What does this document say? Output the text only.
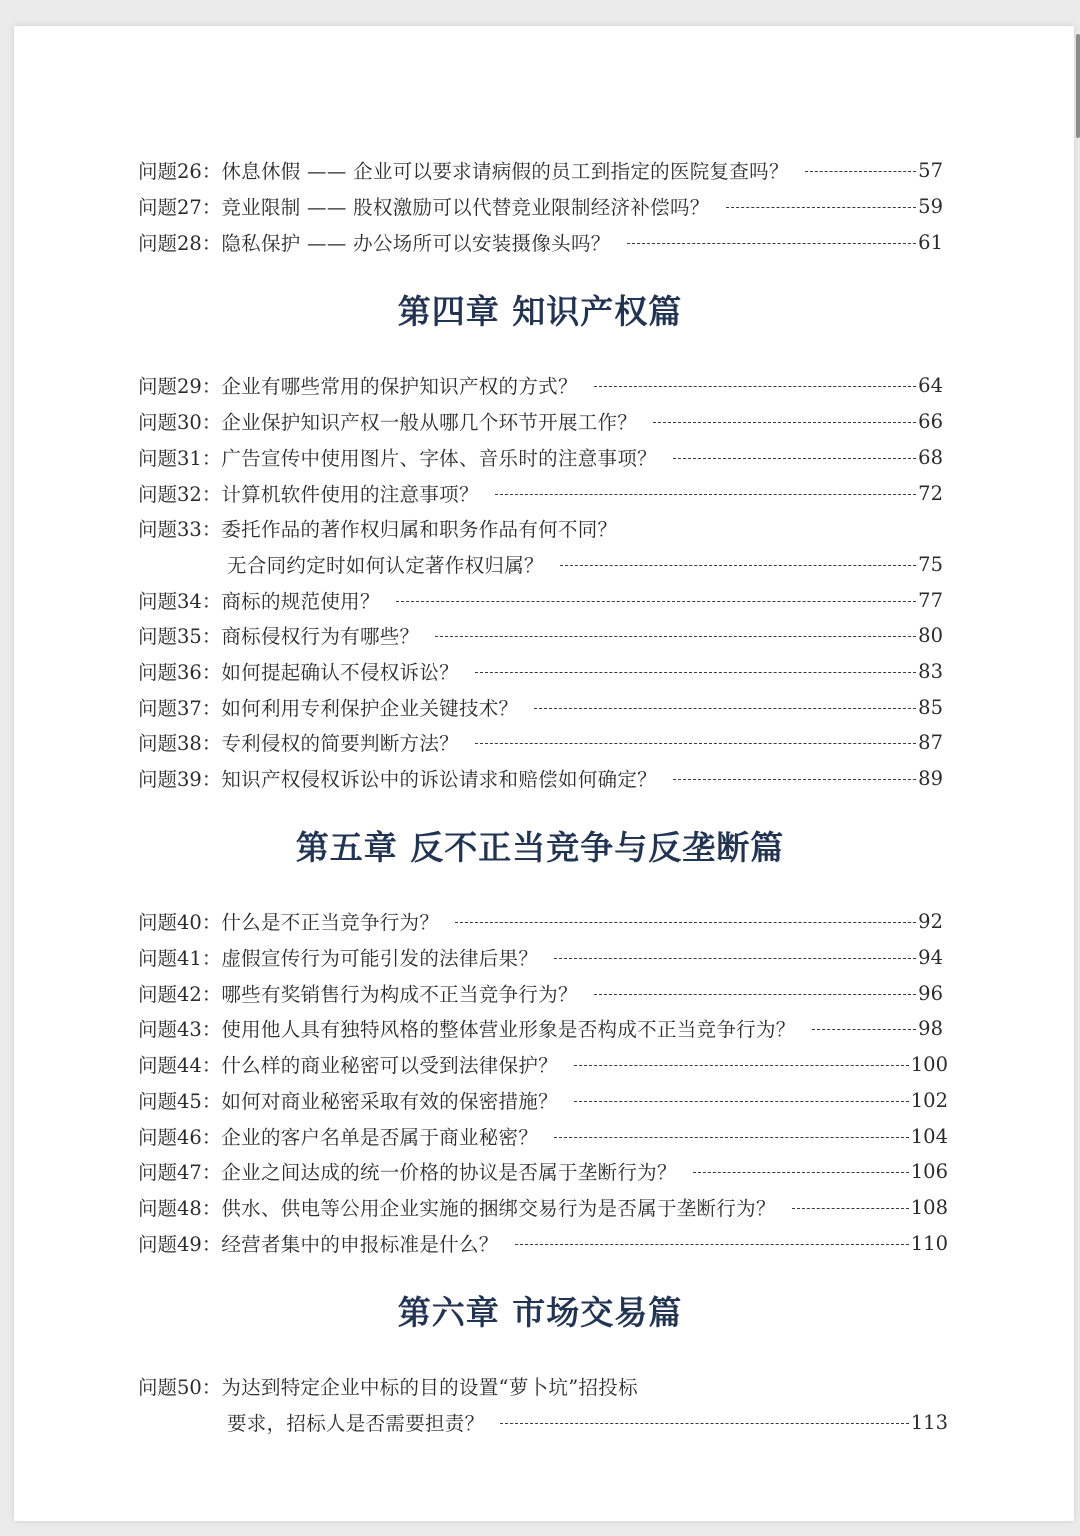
问题26 ： 休息休假 —— 企业可以要求请病假的员工到指定的医院复查吗？	57
问题27 ： 竞业限制 —— 股权激励可以代替竞业限制经济补偿吗？	59
问题28 ： 隐私保护 —— 办公场所可以安装摄像头吗？	61
第四章 知识产权篇
问题29 ： 企业有哪些常用的保护知识产权的方式？	64
问题30 ： 企业保护知识产权一般从哪几个环节开展工作？	66
问题31 ： 广告宣传中使用图片、字体、音乐时的注意事项？	68
问题32 ： 计算机软件使用的注意事项？	72
问题33 ： 委托作品的著作权归属和职务作品有何不同？
无合同约定时如何认定著作权归属？	75
问题34 ： 商标的规范使用？	77
问题35 ： 商标侵权行为有哪些？	80
问题36 ： 如何提起确认不侵权诉讼？	83
问题37 ： 如何利用专利保护企业关键技术？	85
问题38 ： 专利侵权的简要判断方法？	87
问题39 ： 知识产权侵权诉讼中的诉讼请求和赔偿如何确定？	89
第五章 反不正当竞争与反垄断篇
问题40 ： 什么是不正当竞争行为？	92
问题41 ： 虚假宣传行为可能引发的法律后果？	94
问题42 ： 哪些有奖销售行为构成不正当竞争行为？	96
问题43 ： 使用他人具有独特风格的整体营业形象是否构成不正当竞争行为？	98
问题44 ： 什么样的商业秘密可以受到法律保护？	100
问题45 ： 如何对商业秘密采取有效的保密措施？	102
问题46 ： 企业的客户名单是否属于商业秘密？	104
问题47 ： 企业之间达成的统一价格的协议是否属于垄断行为？	106
问题48 ： 供水、供电等公用企业实施的捆绑交易行为是否属于垄断行为？	108
问题49 ： 经营者集中的申报标准是什么？	110
第六章 市场交易篇
问题50 ： 为达到特定企业中标的目的设置“萝卜坑”招投标
要求，招标人是否需要担责？	113
